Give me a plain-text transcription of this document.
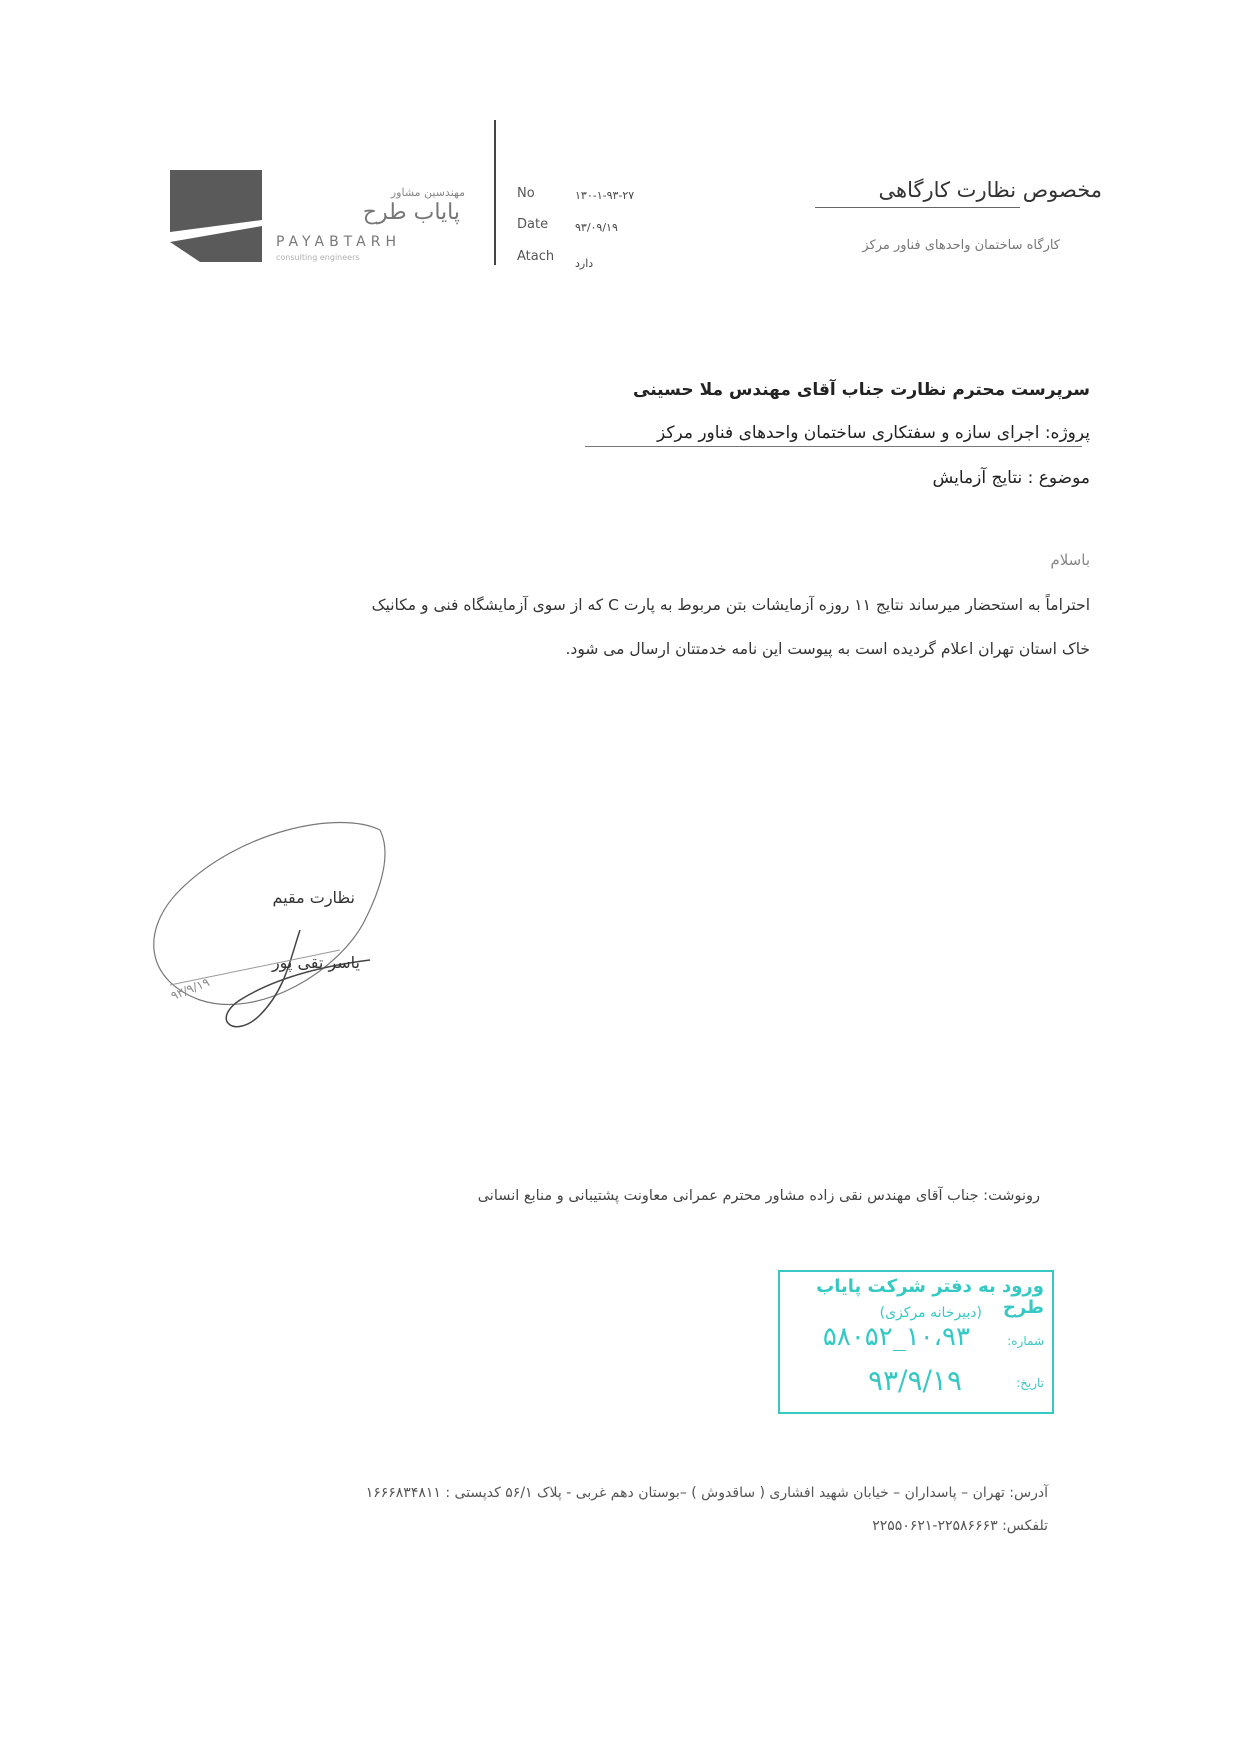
مهندسین مشاور
پایاب طرح
PAYABTARH
consulting engineers
No	۱۳۰-۱-۹۳-۲۷
Date ۹۳/۰۹/۱۹
Atach دارد
مخصوص نظارت کارگاهی
کارگاه ساختمان واحدهای فناور مرکز
سرپرست محترم نظارت جناب آقای مهندس ملا حسینی
پروژه: اجرای سازه و سفتکاری ساختمان واحدهای فناور مرکز
موضوع : نتایج آزمایش
باسلام
احتراماً به استحضار میرساند نتایج ۱۱ روزه آزمایشات بتن مربوط به پارت C که از سوی آزمایشگاه فنی و مکانیک
خاک استان تهران اعلام گردیده است به پیوست این نامه خدمتتان ارسال می شود.
نظارت مقیم
یاسر تقی پور
۹۳/۹/۱۹
رونوشت: جناب آقای مهندس نقی زاده مشاور محترم عمرانی معاونت پشتیبانی و منابع انسانی
ورود به دفتر شرکت پایاب طرح
(دبیرخانه مرکزی)
شماره:
۱۰،۹۳_۵۸۰۵۲
تاریخ:
۹۳/۹/۱۹
آدرس: تهران – پاسداران – خیابان شهید افشاری ( ساقدوش ) –بوستان دهم غربی - پلاک ۵۶/۱ کدپستی : ۱۶۶۶۸۳۴۸۱۱
تلفکس: ۲۲۵۸۶۶۶۳-۲۲۵۵۰۶۲۱
